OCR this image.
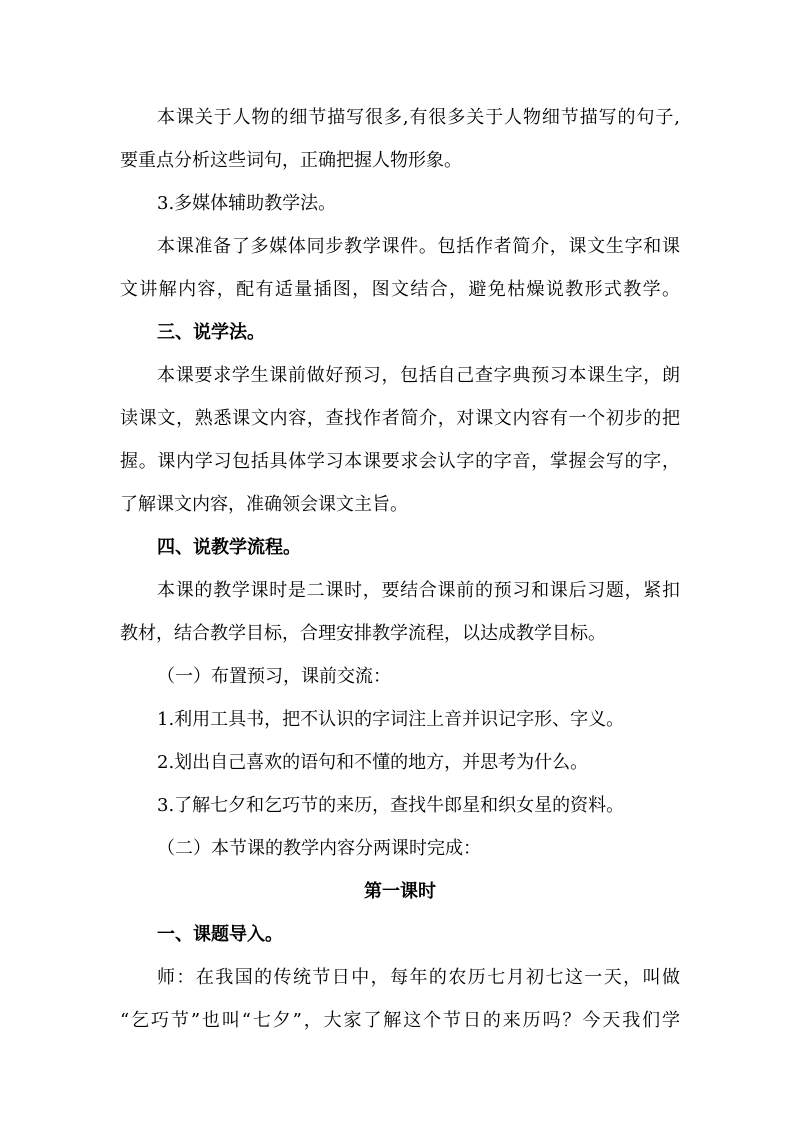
本课关于人物的细节描写很多,有很多关于人物细节描写的句子,
要重点分析这些词句，正确把握人物形象。
3.多媒体辅助教学法。
本课准备了多媒体同步教学课件。包括作者简介，课文生字和课
文讲解内容，配有适量插图，图文结合，避免枯燥说教形式教学。
三、说学法。
本课要求学生课前做好预习，包括自己查字典预习本课生字，朗
读课文，熟悉课文内容，查找作者简介，对课文内容有一个初步的把
握。课内学习包括具体学习本课要求会认字的字音，掌握会写的字，
了解课文内容，准确领会课文主旨。
四、说教学流程。
本课的教学课时是二课时，要结合课前的预习和课后习题，紧扣
教材，结合教学目标，合理安排教学流程，以达成教学目标。
（一）布置预习，课前交流：
1.利用工具书，把不认识的字词注上音并识记字形、字义。
2.划出自己喜欢的语句和不懂的地方，并思考为什么。
3.了解七夕和乞巧节的来历，查找牛郎星和织女星的资料。
（二）本节课的教学内容分两课时完成：
第一课时
一、课题导入。
师：在我国的传统节日中，每年的农历七月初七这一天，叫做
“乞巧节”也叫“七夕”，大家了解这个节日的来历吗？今天我们学
